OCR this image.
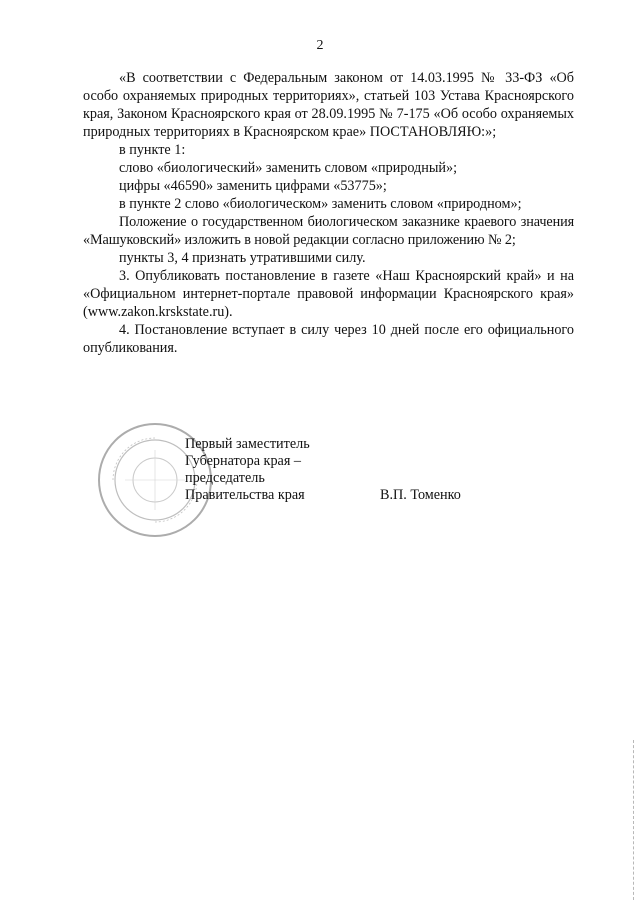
2

«В соответствии с Федеральным законом от 14.03.1995 № 33-ФЗ «Об особо охраняемых природных территориях», статьей 103 Устава Красноярского края, Законом Красноярского края от 28.09.1995 № 7-175 «Об особо охраняемых природных территориях в Красноярском крае» ПОСТАНОВЛЯЮ:»;

в пункте 1:

слово «биологический» заменить словом «природный»;

цифры «46590» заменить цифрами «53775»;

в пункте 2 слово «биологическом» заменить словом «природном»;

Положение о государственном биологическом заказнике краевого значения «Машуковский» изложить в новой редакции согласно приложению № 2;

пункты 3, 4 признать утратившими силу.

3. Опубликовать постановление в газете «Наш Красноярский край» и на «Официальном интернет-портале правовой информации Красноярского края» (www.zakon.krskstate.ru).

4. Постановление вступает в силу через 10 дней после его официального опубликования.

Первый заместитель
Губернатора края –
председатель
Правительства края	В.П. Томенко
